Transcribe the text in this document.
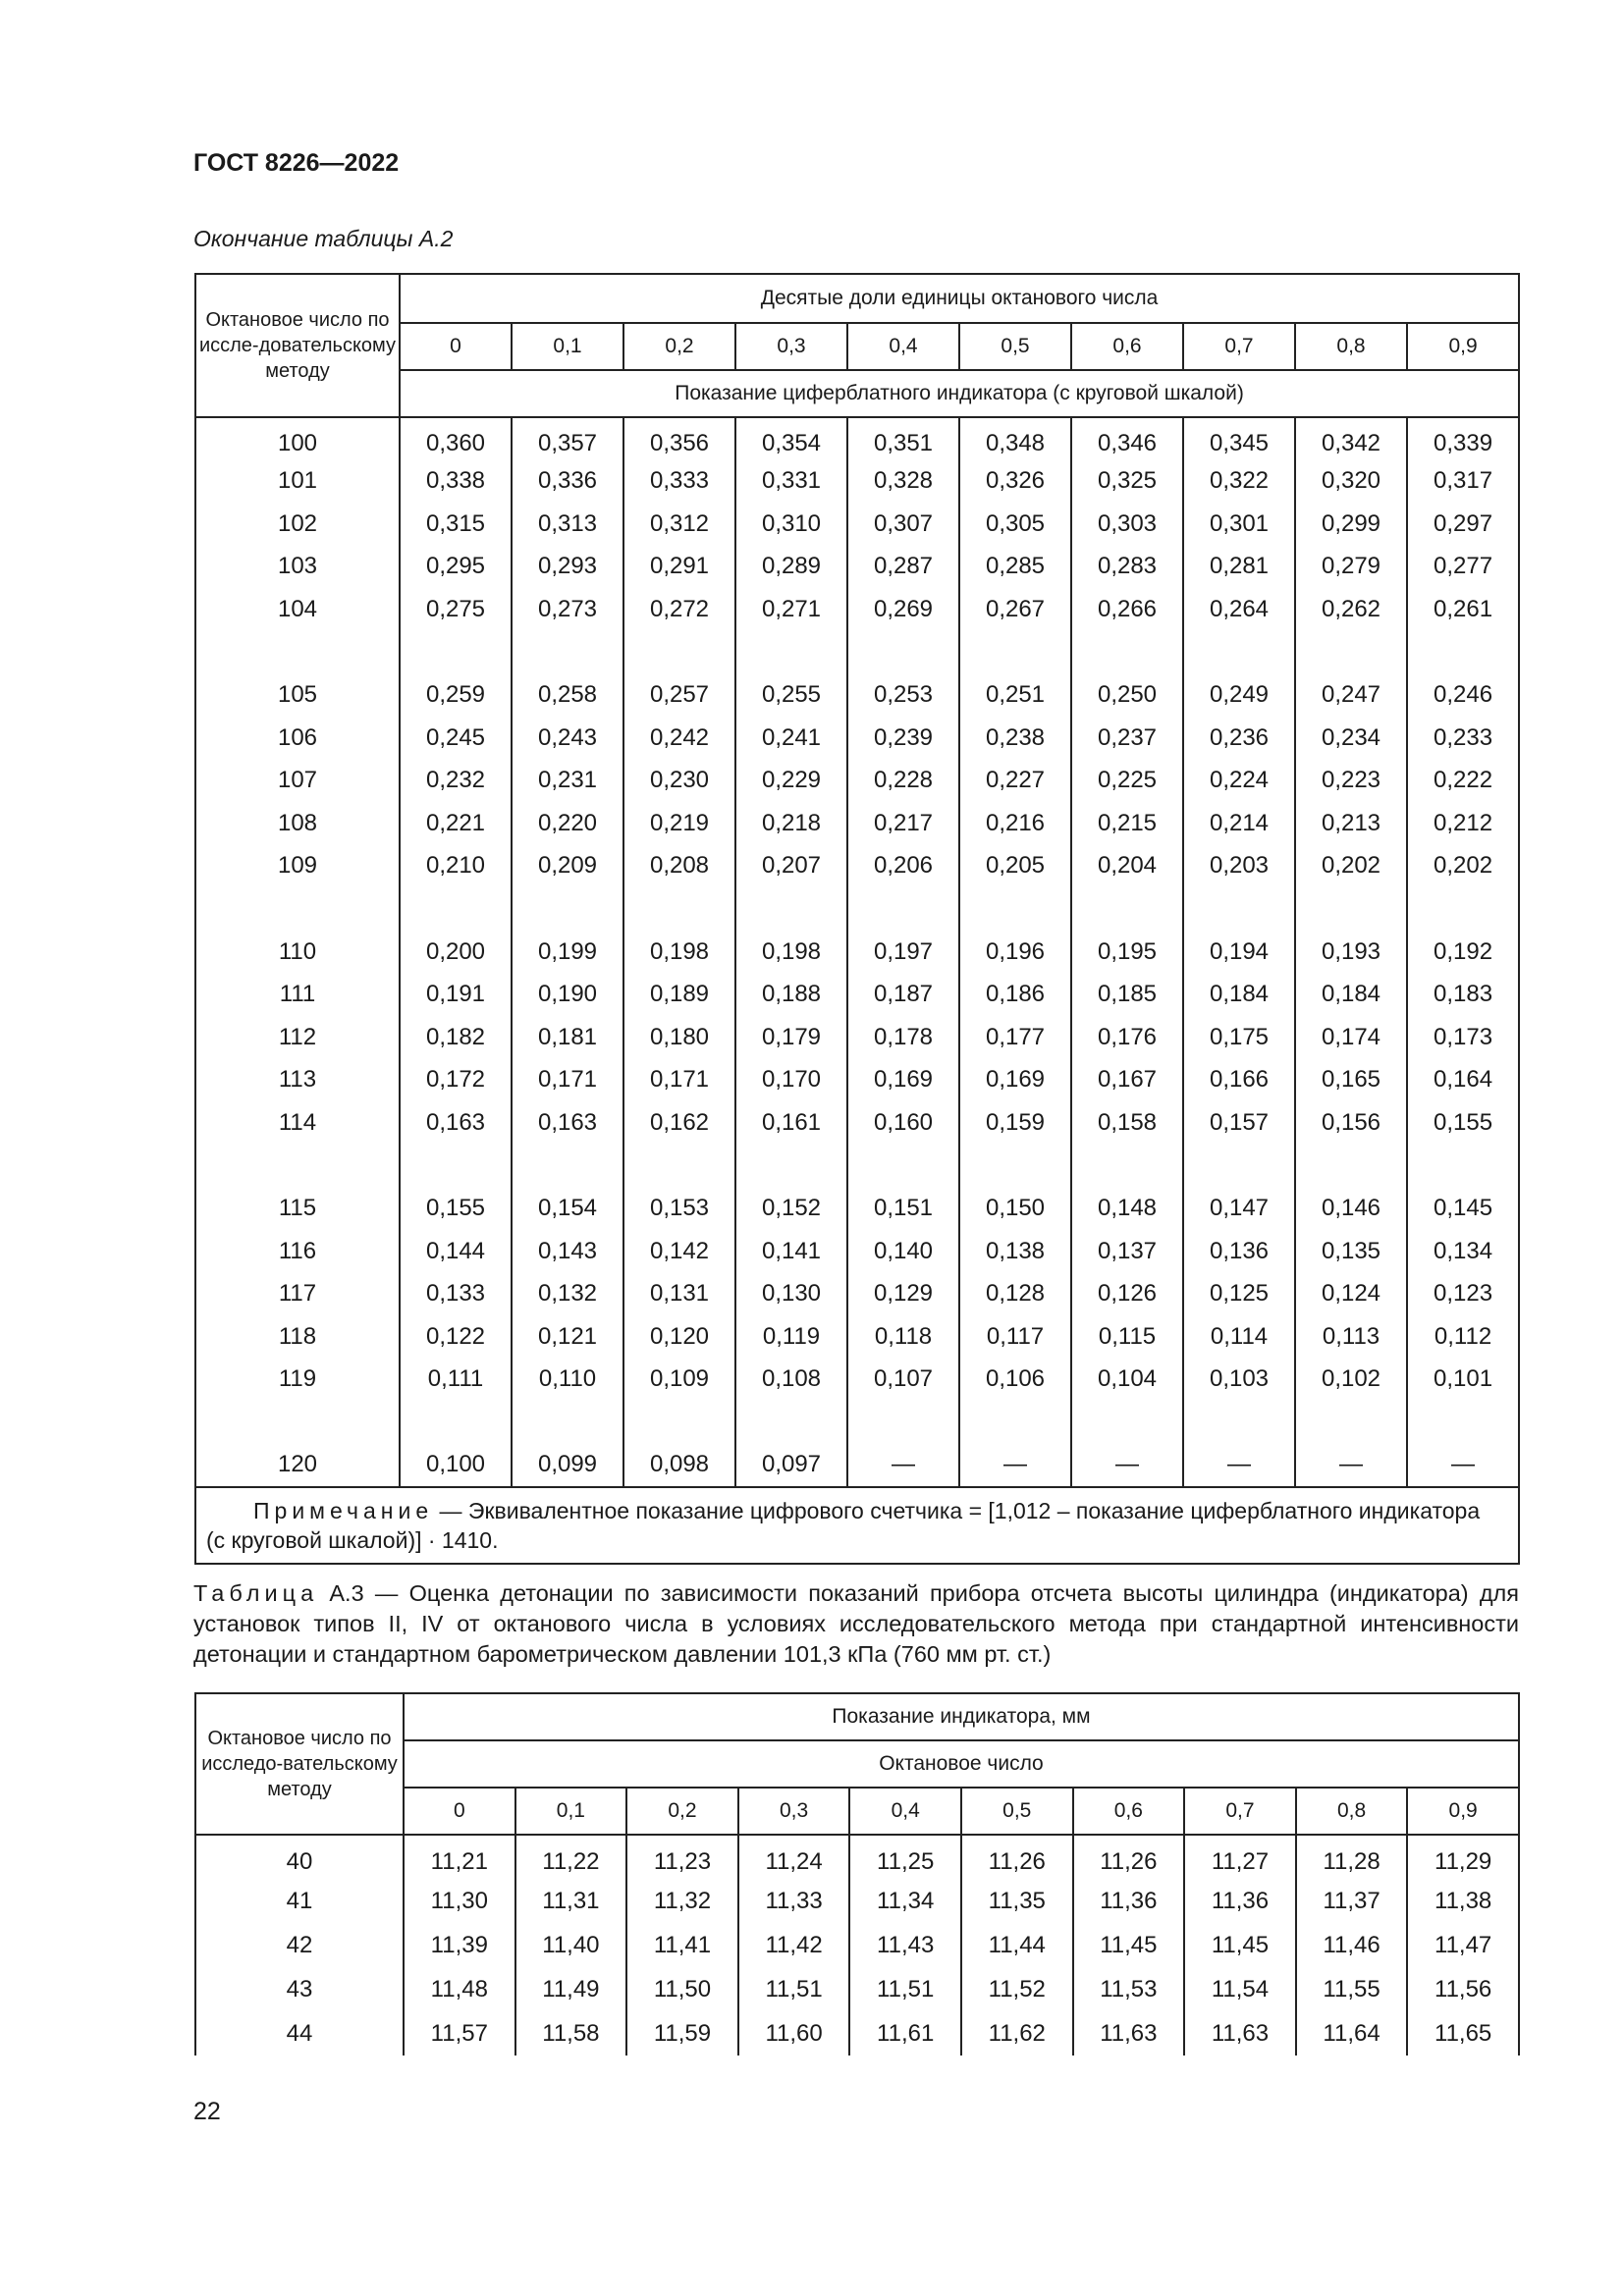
ГОСТ 8226—2022
Окончание таблицы А.2
Октановое число по иссле-довательскому методу	Десятые доли единицы октанового числа									
	0	0,1	0,2	0,3	0,4	0,5	0,6	0,7	0,8	0,9
	Показание циферблатного индикатора (с круговой шкалой)									
100	0,360	0,357	0,356	0,354	0,351	0,348	0,346	0,345	0,342	0,339
101	0,338	0,336	0,333	0,331	0,328	0,326	0,325	0,322	0,320	0,317
102	0,315	0,313	0,312	0,310	0,307	0,305	0,303	0,301	0,299	0,297
103	0,295	0,293	0,291	0,289	0,287	0,285	0,283	0,281	0,279	0,277
104	0,275	0,273	0,272	0,271	0,269	0,267	0,266	0,264	0,262	0,261

105	0,259	0,258	0,257	0,255	0,253	0,251	0,250	0,249	0,247	0,246
106	0,245	0,243	0,242	0,241	0,239	0,238	0,237	0,236	0,234	0,233
107	0,232	0,231	0,230	0,229	0,228	0,227	0,225	0,224	0,223	0,222
108	0,221	0,220	0,219	0,218	0,217	0,216	0,215	0,214	0,213	0,212
109	0,210	0,209	0,208	0,207	0,206	0,205	0,204	0,203	0,202	0,202

110	0,200	0,199	0,198	0,198	0,197	0,196	0,195	0,194	0,193	0,192
111	0,191	0,190	0,189	0,188	0,187	0,186	0,185	0,184	0,184	0,183
112	0,182	0,181	0,180	0,179	0,178	0,177	0,176	0,175	0,174	0,173
113	0,172	0,171	0,171	0,170	0,169	0,169	0,167	0,166	0,165	0,164
114	0,163	0,163	0,162	0,161	0,160	0,159	0,158	0,157	0,156	0,155

115	0,155	0,154	0,153	0,152	0,151	0,150	0,148	0,147	0,146	0,145
116	0,144	0,143	0,142	0,141	0,140	0,138	0,137	0,136	0,135	0,134
117	0,133	0,132	0,131	0,130	0,129	0,128	0,126	0,125	0,124	0,123
118	0,122	0,121	0,120	0,119	0,118	0,117	0,115	0,114	0,113	0,112
119	0,111	0,110	0,109	0,108	0,107	0,106	0,104	0,103	0,102	0,101

120	0,100	0,099	0,098	0,097	—	—	—	—	—	—
Примечание — Эквивалентное показание цифрового счетчика = [1,012 – показание циферблатного индикатора (с круговой шкалой)] · 1410.										
Таблица А.3 — Оценка детонации по зависимости показаний прибора отсчета высоты цилиндра (индикатора) для установок типов II, IV от октанового числа в условиях исследовательского метода при стандартной интенсивности детонации и стандартном барометрическом давлении 101,3 кПа (760 мм рт. ст.)
Октановое число по исследо-вательскому методу	Показание индикатора, мм									
	Октановое число									
	0	0,1	0,2	0,3	0,4	0,5	0,6	0,7	0,8	0,9
40	11,21	11,22	11,23	11,24	11,25	11,26	11,26	11,27	11,28	11,29
41	11,30	11,31	11,32	11,33	11,34	11,35	11,36	11,36	11,37	11,38
42	11,39	11,40	11,41	11,42	11,43	11,44	11,45	11,45	11,46	11,47
43	11,48	11,49	11,50	11,51	11,51	11,52	11,53	11,54	11,55	11,56
44	11,57	11,58	11,59	11,60	11,61	11,62	11,63	11,63	11,64	11,65
22
